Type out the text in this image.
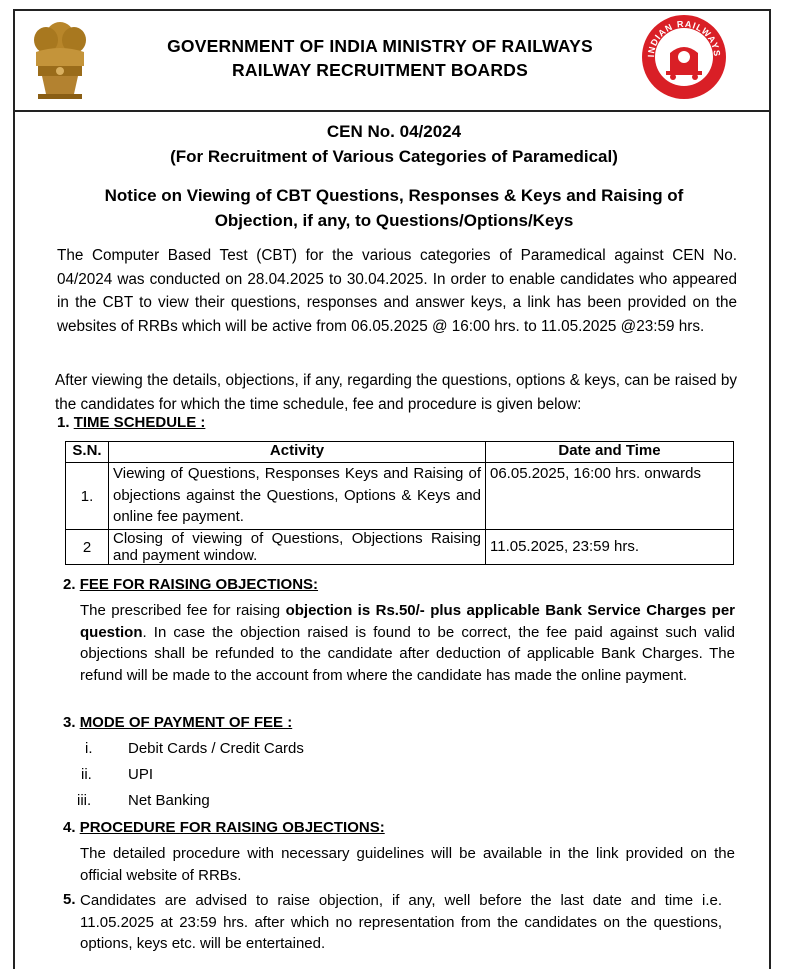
GOVERNMENT OF INDIA MINISTRY OF RAILWAYS
RAILWAY RECRUITMENT BOARDS
INDIAN RAILWAYS
CEN No. 04/2024
(For Recruitment of Various Categories of Paramedical)
Notice on Viewing of CBT Questions, Responses & Keys and Raising of
Objection, if any, to Questions/Options/Keys
The Computer Based Test (CBT) for the various categories of Paramedical against CEN No. 04/2024 was conducted on 28.04.2025 to 30.04.2025. In order to enable candidates who appeared in the CBT to view their questions, responses and answer keys, a link has been provided on the websites of RRBs which will be active from 06.05.2025 @ 16:00 hrs. to 11.05.2025 @23:59 hrs.
After viewing the details, objections, if any, regarding the questions, options & keys, can be raised by the candidates for which the time schedule, fee and procedure is given below:
1. TIME SCHEDULE :
S.N.	Activity	Date and Time
1.	Viewing of Questions, Responses Keys and Raising of objections against the Questions, Options & Keys and online fee payment.	06.05.2025, 16:00 hrs. onwards
2	Closing of viewing of Questions, Objections Raising and payment window.	11.05.2025, 23:59 hrs.
2. FEE FOR RAISING OBJECTIONS:
The prescribed fee for raising objection is Rs.50/- plus applicable Bank Service Charges per question. In case the objection raised is found to be correct, the fee paid against such valid objections shall be refunded to the candidate after deduction of applicable Bank Charges. The refund will be made to the account from where the candidate has made the online payment.
3. MODE OF PAYMENT OF FEE :
i. Debit Cards / Credit Cards
ii. UPI
iii. Net Banking
4. PROCEDURE FOR RAISING OBJECTIONS:
The detailed procedure with necessary guidelines will be available in the link provided on the official website of RRBs.
5. Candidates are advised to raise objection, if any, well before the last date and time i.e. 11.05.2025 at 23:59 hrs. after which no representation from the candidates on the questions, options, keys etc. will be entertained.
